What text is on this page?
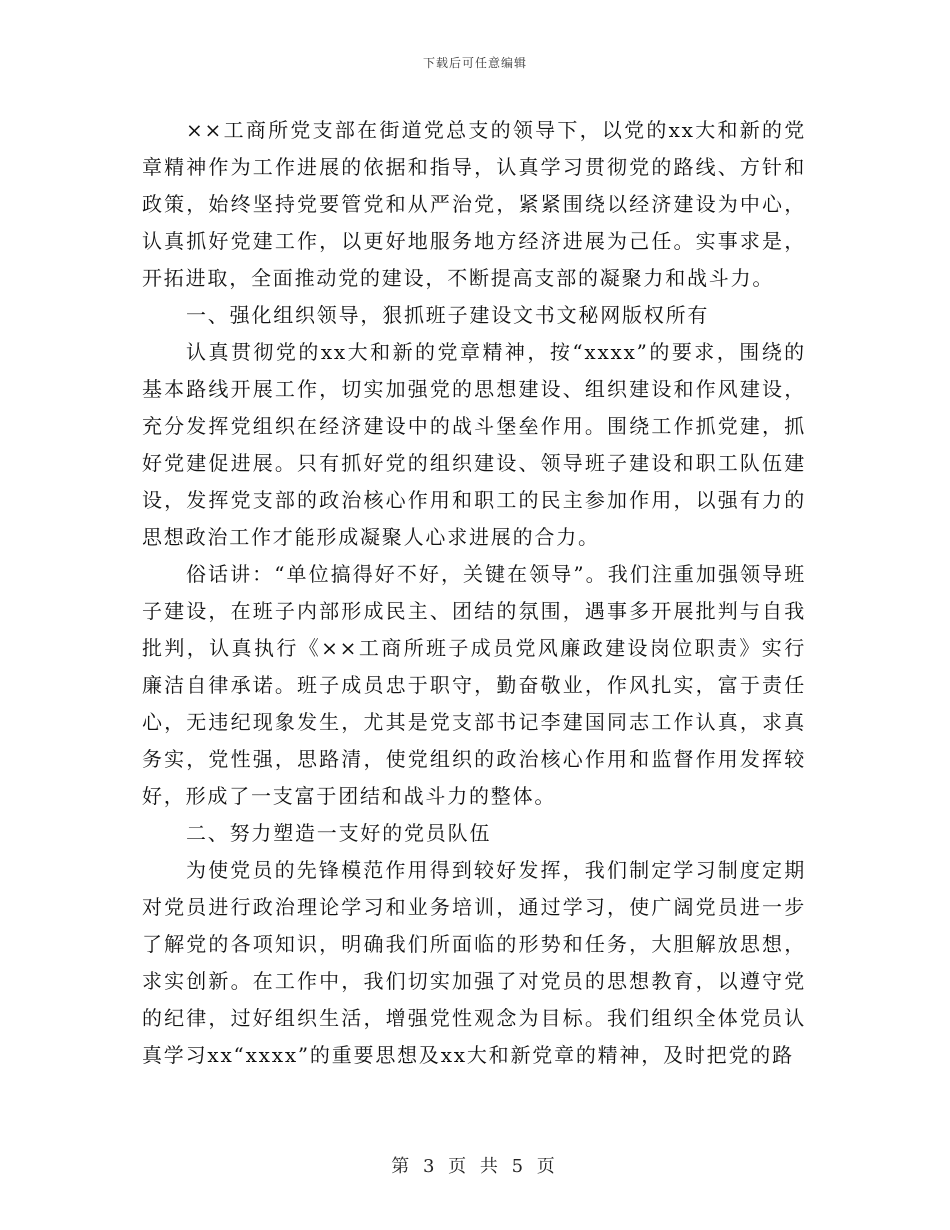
下载后可任意编辑

××工商所党支部在街道党总支的领导下，以党的xx大和新的党章精神作为工作进展的依据和指导，认真学习贯彻党的路线、方针和政策，始终坚持党要管党和从严治党，紧紧围绕以经济建设为中心，认真抓好党建工作，以更好地服务地方经济进展为己任。实事求是，开拓进取，全面推动党的建设，不断提高支部的凝聚力和战斗力。

一、强化组织领导，狠抓班子建设文书文秘网版权所有

认真贯彻党的xx大和新的党章精神，按“xxxx”的要求，围绕的基本路线开展工作，切实加强党的思想建设、组织建设和作风建设，充分发挥党组织在经济建设中的战斗堡垒作用。围绕工作抓党建，抓好党建促进展。只有抓好党的组织建设、领导班子建设和职工队伍建设，发挥党支部的政治核心作用和职工的民主参加作用，以强有力的思想政治工作才能形成凝聚人心求进展的合力。

俗话讲：“单位搞得好不好，关键在领导”。我们注重加强领导班子建设，在班子内部形成民主、团结的氛围，遇事多开展批判与自我批判，认真执行《××工商所班子成员党风廉政建设岗位职责》实行廉洁自律承诺。班子成员忠于职守，勤奋敬业，作风扎实，富于责任心，无违纪现象发生，尤其是党支部书记李建国同志工作认真，求真务实，党性强，思路清，使党组织的政治核心作用和监督作用发挥较好，形成了一支富于团结和战斗力的整体。

二、努力塑造一支好的党员队伍

为使党员的先锋模范作用得到较好发挥，我们制定学习制度定期对党员进行政治理论学习和业务培训，通过学习，使广阔党员进一步了解党的各项知识，明确我们所面临的形势和任务，大胆解放思想，求实创新。在工作中，我们切实加强了对党员的思想教育，以遵守党的纪律，过好组织生活，增强党性观念为目标。我们组织全体党员认真学习xx“xxxx”的重要思想及xx大和新党章的精神，及时把党的路

第 3 页 共 5 页
